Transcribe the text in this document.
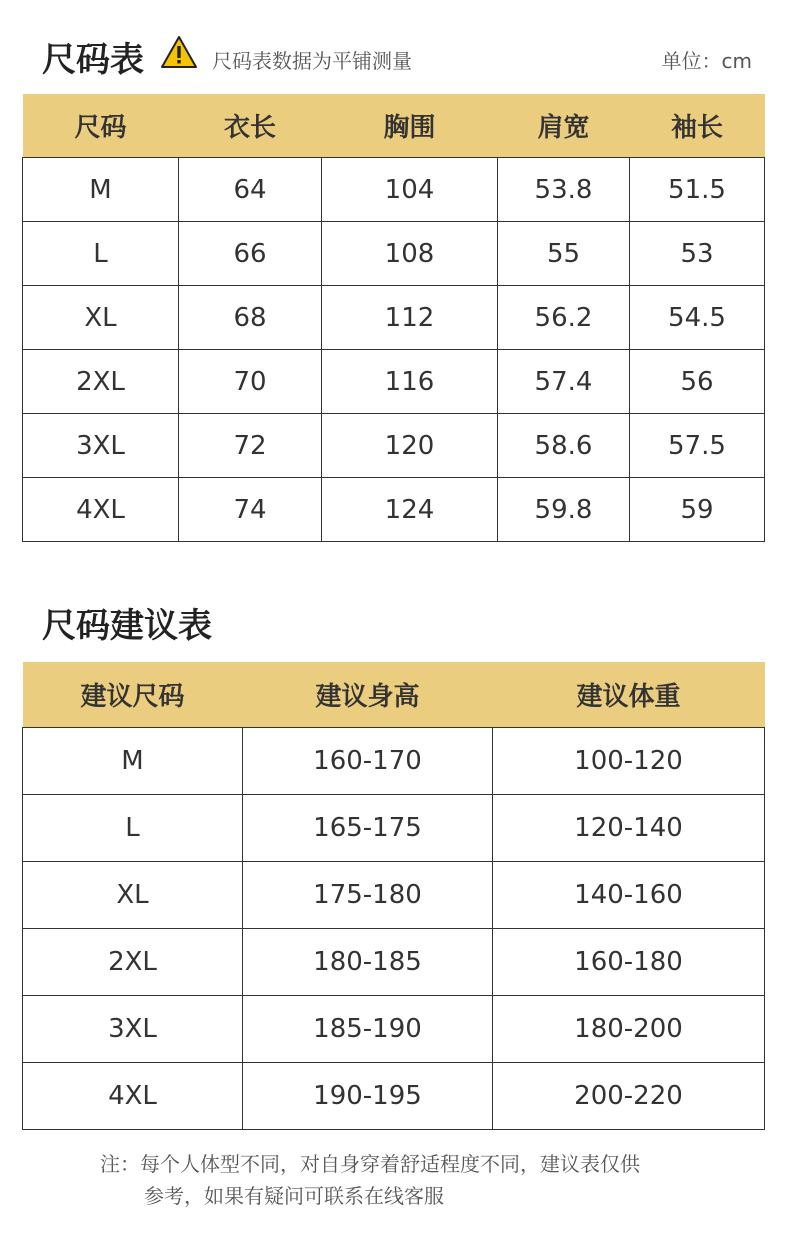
尺码表	尺码表数据为平铺测量	单位：cm
尺码	衣长	胸围	肩宽	袖长
M	64	104	53.8	51.5
L	66	108	55	53
XL	68	112	56.2	54.5
2XL	70	116	57.4	56
3XL	72	120	58.6	57.5
4XL	74	124	59.8	59
尺码建议表
建议尺码	建议身高	建议体重
M	160-170	100-120
L	165-175	120-140
XL	175-180	140-160
2XL	180-185	160-180
3XL	185-190	180-200
4XL	190-195	200-220
注：每个人体型不同，对自身穿着舒适程度不同，建议表仅供
参考，如果有疑问可联系在线客服
